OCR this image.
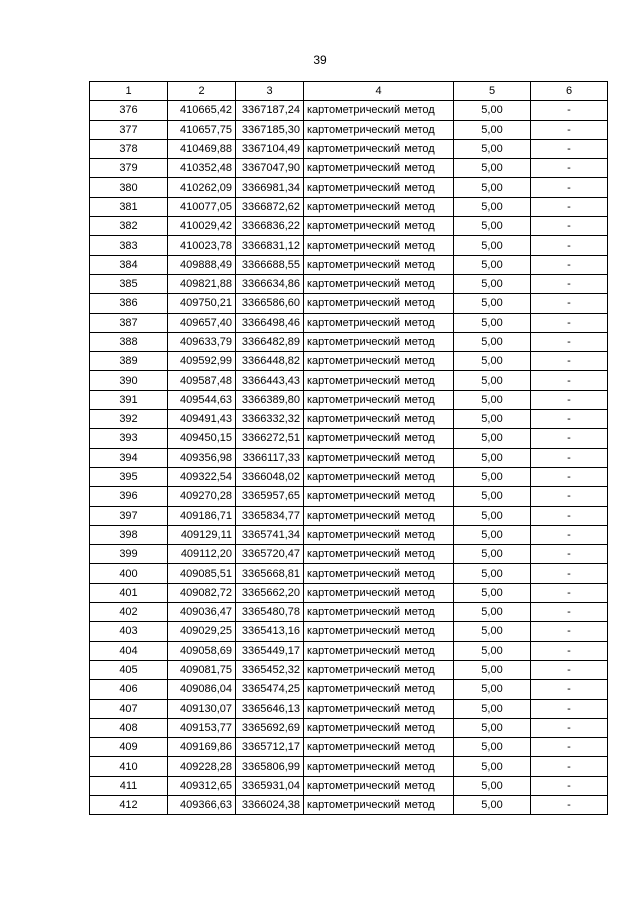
39
1	2	3	4	5	6
376	410665,42	3367187,24	картометрический метод	5,00	-
377	410657,75	3367185,30	картометрический метод	5,00	-
378	410469,88	3367104,49	картометрический метод	5,00	-
379	410352,48	3367047,90	картометрический метод	5,00	-
380	410262,09	3366981,34	картометрический метод	5,00	-
381	410077,05	3366872,62	картометрический метод	5,00	-
382	410029,42	3366836,22	картометрический метод	5,00	-
383	410023,78	3366831,12	картометрический метод	5,00	-
384	409888,49	3366688,55	картометрический метод	5,00	-
385	409821,88	3366634,86	картометрический метод	5,00	-
386	409750,21	3366586,60	картометрический метод	5,00	-
387	409657,40	3366498,46	картометрический метод	5,00	-
388	409633,79	3366482,89	картометрический метод	5,00	-
389	409592,99	3366448,82	картометрический метод	5,00	-
390	409587,48	3366443,43	картометрический метод	5,00	-
391	409544,63	3366389,80	картометрический метод	5,00	-
392	409491,43	3366332,32	картометрический метод	5,00	-
393	409450,15	3366272,51	картометрический метод	5,00	-
394	409356,98	3366117,33	картометрический метод	5,00	-
395	409322,54	3366048,02	картометрический метод	5,00	-
396	409270,28	3365957,65	картометрический метод	5,00	-
397	409186,71	3365834,77	картометрический метод	5,00	-
398	409129,11	3365741,34	картометрический метод	5,00	-
399	409112,20	3365720,47	картометрический метод	5,00	-
400	409085,51	3365668,81	картометрический метод	5,00	-
401	409082,72	3365662,20	картометрический метод	5,00	-
402	409036,47	3365480,78	картометрический метод	5,00	-
403	409029,25	3365413,16	картометрический метод	5,00	-
404	409058,69	3365449,17	картометрический метод	5,00	-
405	409081,75	3365452,32	картометрический метод	5,00	-
406	409086,04	3365474,25	картометрический метод	5,00	-
407	409130,07	3365646,13	картометрический метод	5,00	-
408	409153,77	3365692,69	картометрический метод	5,00	-
409	409169,86	3365712,17	картометрический метод	5,00	-
410	409228,28	3365806,99	картометрический метод	5,00	-
411	409312,65	3365931,04	картометрический метод	5,00	-
412	409366,63	3366024,38	картометрический метод	5,00	-
